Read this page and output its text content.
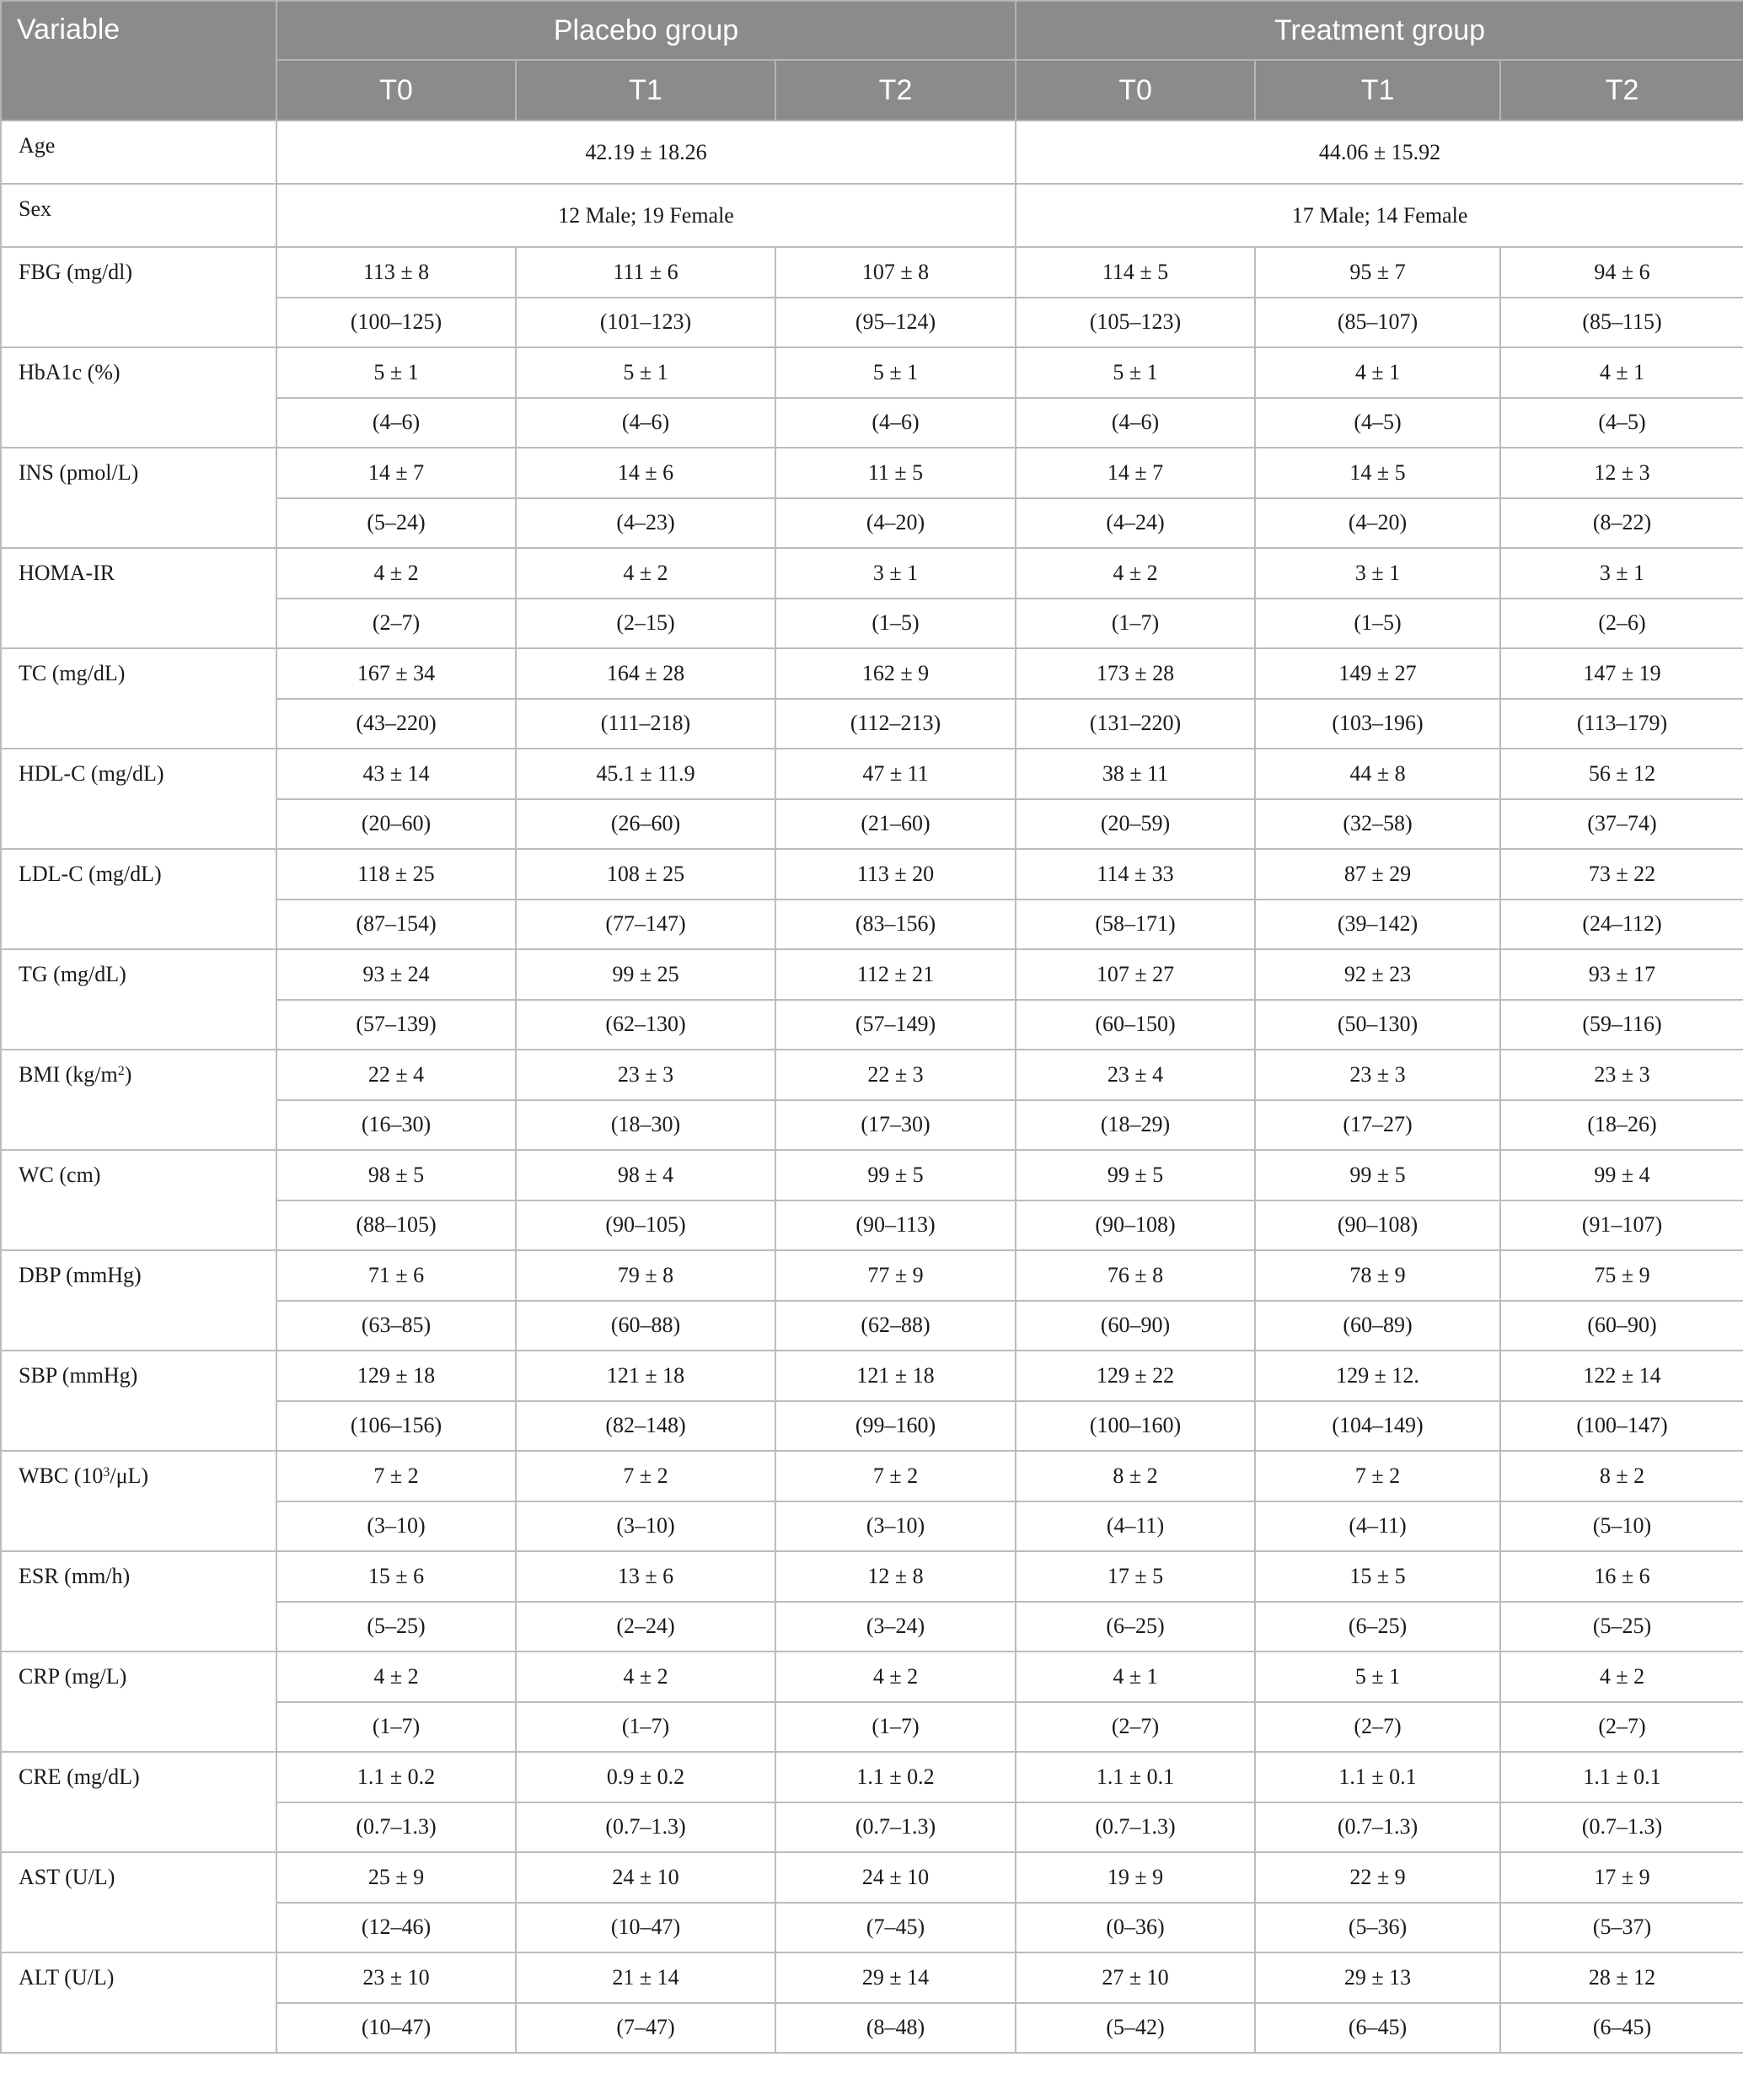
Variable	Placebo group			Treatment group		
	T0	T1	T2	T0	T1	T2
Age	42.19 ± 18.26			44.06 ± 15.92		
Sex	12 Male; 19 Female			17 Male; 14 Female		
FBG (mg/dl)	113 ± 8	111 ± 6	107 ± 8	114 ± 5	95 ± 7	94 ± 6
	(100–125)	(101–123)	(95–124)	(105–123)	(85–107)	(85–115)
HbA1c (%)	5 ± 1	5 ± 1	5 ± 1	5 ± 1	4 ± 1	4 ± 1
	(4–6)	(4–6)	(4–6)	(4–6)	(4–5)	(4–5)
INS (pmol/L)	14 ± 7	14 ± 6	11 ± 5	14 ± 7	14 ± 5	12 ± 3
	(5–24)	(4–23)	(4–20)	(4–24)	(4–20)	(8–22)
HOMA-IR	4 ± 2	4 ± 2	3 ± 1	4 ± 2	3 ± 1	3 ± 1
	(2–7)	(2–15)	(1–5)	(1–7)	(1–5)	(2–6)
TC (mg/dL)	167 ± 34	164 ± 28	162 ± 9	173 ± 28	149 ± 27	147 ± 19
	(43–220)	(111–218)	(112–213)	(131–220)	(103–196)	(113–179)
HDL-C (mg/dL)	43 ± 14	45.1 ± 11.9	47 ± 11	38 ± 11	44 ± 8	56 ± 12
	(20–60)	(26–60)	(21–60)	(20–59)	(32–58)	(37–74)
LDL-C (mg/dL)	118 ± 25	108 ± 25	113 ± 20	114 ± 33	87 ± 29	73 ± 22
	(87–154)	(77–147)	(83–156)	(58–171)	(39–142)	(24–112)
TG (mg/dL)	93 ± 24	99 ± 25	112 ± 21	107 ± 27	92 ± 23	93 ± 17
	(57–139)	(62–130)	(57–149)	(60–150)	(50–130)	(59–116)
BMI $(kg/m^2)$	22 ± 4	23 ± 3	22 ± 3	23 ± 4	23 ± 3	23 ± 3
	(16–30)	(18–30)	(17–30)	(18–29)	(17–27)	(18–26)
WC (cm)	98 ± 5	98 ± 4	99 ± 5	99 ± 5	99 ± 5	99 ± 4
	(88–105)	(90–105)	(90–113)	(90–108)	(90–108)	(91–107)
DBP (mmHg)	71 ± 6	79 ± 8	77 ± 9	76 ± 8	78 ± 9	75 ± 9
	(63–85)	(60–88)	(62–88)	(60–90)	(60–89)	(60–90)
SBP (mmHg)	129 ± 18	121 ± 18	121 ± 18	129 ± 22	129 ± 12.	122 ± 14
	(106–156)	(82–148)	(99–160)	(100–160)	(104–149)	(100–147)
WBC $(10^3/\mu L)$	7 ± 2	7 ± 2	7 ± 2	8 ± 2	7 ± 2	8 ± 2
	(3–10)	(3–10)	(3–10)	(4–11)	(4–11)	(5–10)
ESR (mm/h)	15 ± 6	13 ± 6	12 ± 8	17 ± 5	15 ± 5	16 ± 6
	(5–25)	(2–24)	(3–24)	(6–25)	(6–25)	(5–25)
CRP (mg/L)	4 ± 2	4 ± 2	4 ± 2	4 ± 1	5 ± 1	4 ± 2
	(1–7)	(1–7)	(1–7)	(2–7)	(2–7)	(2–7)
CRE (mg/dL)	1.1 ± 0.2	0.9 ± 0.2	1.1 ± 0.2	1.1 ± 0.1	1.1 ± 0.1	1.1 ± 0.1
	(0.7–1.3)	(0.7–1.3)	(0.7–1.3)	(0.7–1.3)	(0.7–1.3)	(0.7–1.3)
AST (U/L)	25 ± 9	24 ± 10	24 ± 10	19 ± 9	22 ± 9	17 ± 9
	(12–46)	(10–47)	(7–45)	(0–36)	(5–36)	(5–37)
ALT (U/L)	23 ± 10	21 ± 14	29 ± 14	27 ± 10	29 ± 13	28 ± 12
	(10–47)	(7–47)	(8–48)	(5–42)	(6–45)	(6–45)
